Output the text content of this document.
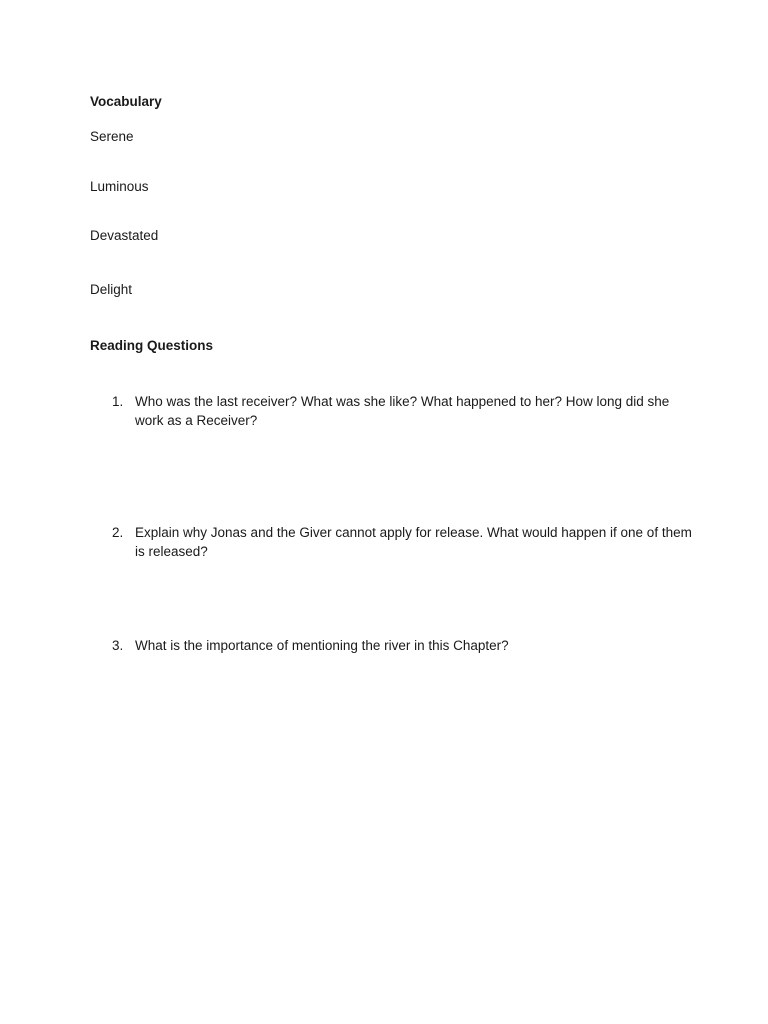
Vocabulary

Serene

Luminous

Devastated

Delight

Reading Questions
1. Who was the last receiver? What was she like? What happened to her? How long did she work as a Receiver?

2. Explain why Jonas and the Giver cannot apply for release. What would happen if one of them is released?

3. What is the importance of mentioning the river in this Chapter?
